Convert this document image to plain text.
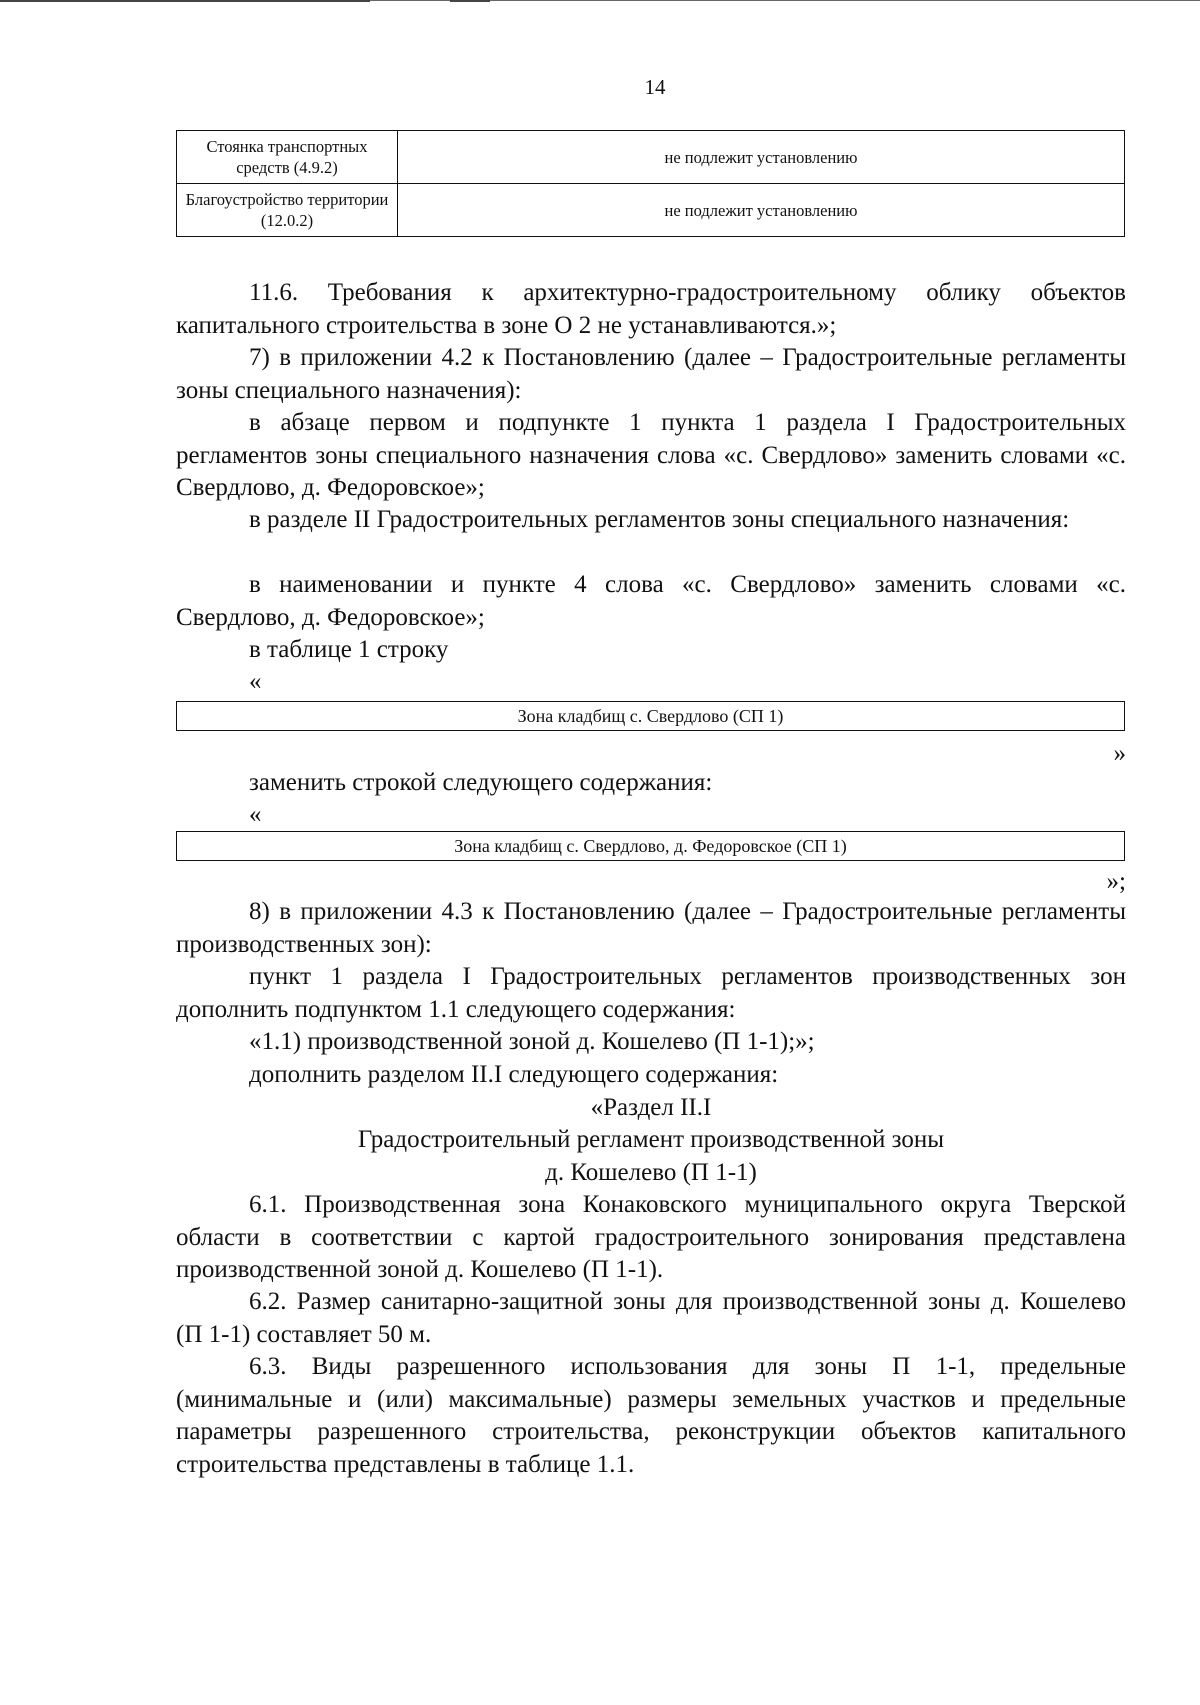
14
Стоянка транспортных средств (4.9.2)	не подлежит установлению
Благоустройство территории (12.0.2)	не подлежит установлению
11.6. Требования к архитектурно-градостроительному облику объектов капитального строительства в зоне О 2 не устанавливаются.»;
7) в приложении 4.2 к Постановлению (далее – Градостроительные регламенты зоны специального назначения):
в абзаце первом и подпункте 1 пункта 1 раздела I Градостроительных регламентов зоны специального назначения слова «с. Свердлово» заменить словами «с. Свердлово, д. Федоровское»;
в разделе II Градостроительных регламентов зоны специального назначения:
в наименовании и пункте 4 слова «с. Свердлово» заменить словами «с. Свердлово, д. Федоровское»;
в таблице 1 строку
«
Зона кладбищ с. Свердлово (СП 1)
»
заменить строкой следующего содержания:
«
Зона кладбищ с. Свердлово, д. Федоровское (СП 1)
»;
8) в приложении 4.3 к Постановлению (далее – Градостроительные регламенты производственных зон):
пункт 1 раздела I Градостроительных регламентов производственных зон дополнить подпунктом 1.1 следующего содержания:
«1.1) производственной зоной д. Кошелево (П 1-1);»;
дополнить разделом II.I следующего содержания:
«Раздел II.I
Градостроительный регламент производственной зоны
д. Кошелево (П 1-1)
6.1. Производственная зона Конаковского муниципального округа Тверской области в соответствии с картой градостроительного зонирования представлена производственной зоной д. Кошелево (П 1-1).
6.2. Размер санитарно-защитной зоны для производственной зоны д. Кошелево (П 1-1) составляет 50 м.
6.3. Виды разрешенного использования для зоны П 1-1, предельные (минимальные и (или) максимальные) размеры земельных участков и предельные параметры разрешенного строительства, реконструкции объектов капитального строительства представлены в таблице 1.1.
